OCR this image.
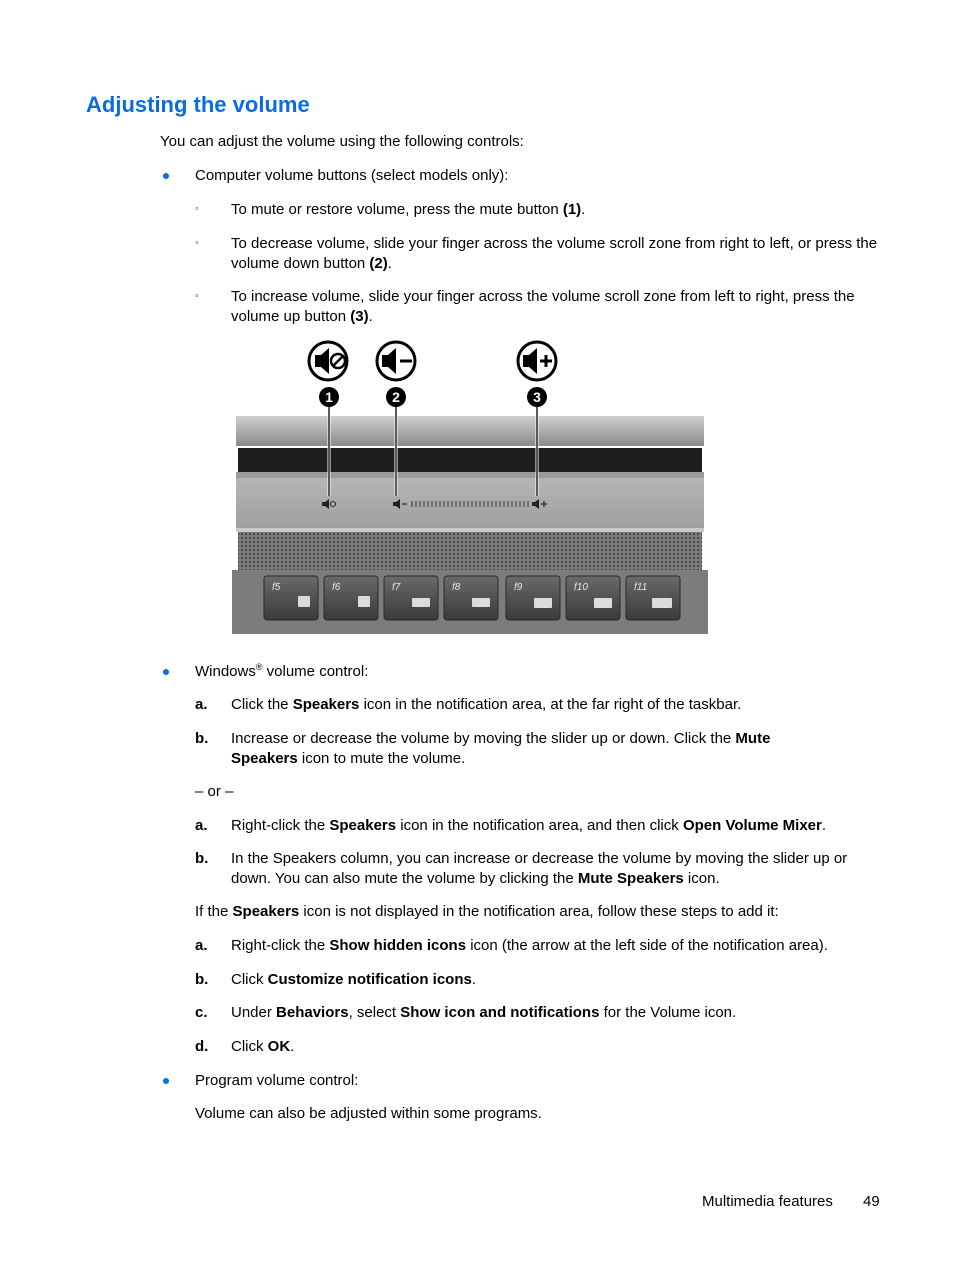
Adjusting the volume
You can adjust the volume using the following controls:
Computer volume buttons (select models only):
◦ To mute or restore volume, press the mute button (1).
◦ To decrease volume, slide your finger across the volume scroll zone from right to left, or press the volume down button (2).
◦ To increase volume, slide your finger across the volume scroll zone from left to right, press the volume up button (3).
1	2	3
f5	f6	f7	f8	f9	f10	f11
Windows® volume control:
a. Click the Speakers icon in the notification area, at the far right of the taskbar.
b. Increase or decrease the volume by moving the slider up or down. Click the Mute Speakers icon to mute the volume.
– or –
a. Right-click the Speakers icon in the notification area, and then click Open Volume Mixer.
b. In the Speakers column, you can increase or decrease the volume by moving the slider up or down. You can also mute the volume by clicking the Mute Speakers icon.
If the Speakers icon is not displayed in the notification area, follow these steps to add it:
a. Right-click the Show hidden icons icon (the arrow at the left side of the notification area).
b. Click Customize notification icons.
c. Under Behaviors, select Show icon and notifications for the Volume icon.
d. Click OK.
Program volume control:
Volume can also be adjusted within some programs.
Multimedia features 49
